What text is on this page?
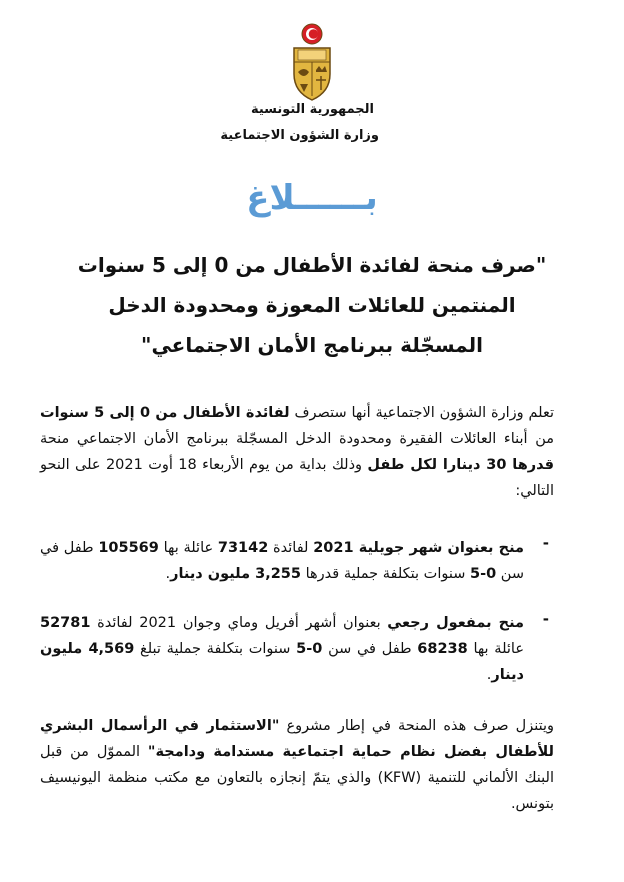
الجمهورية التونسية
وزارة الشؤون الاجتماعية
بــــــلاغ
"صرف منحة لفائدة الأطفال من 0 إلى 5 سنوات
المنتمين للعائلات المعوزة ومحدودة الدخل
المسجّلة ببرنامج الأمان الاجتماعي"
تعلم وزارة الشؤون الاجتماعية أنها ستصرف لفائدة الأطفال من 0 إلى 5 سنوات من أبناء العائلات الفقيرة ومحدودة الدخل المسجّلة ببرنامج الأمان الاجتماعي منحة قدرها 30 دينارا لكل طفل وذلك بداية من يوم الأربعاء 18 أوت 2021 على النحو التالي:
-
منح بعنوان شهر جويلية 2021 لفائدة 73142 عائلة بها 105569 طفل في سن 0-5 سنوات بتكلفة جملية قدرها 3,255 مليون دينار.
-
منح بمفعول رجعي بعنوان أشهر أفريل وماي وجوان 2021 لفائدة 52781 عائلة بها 68238 طفل في سن 0-5 سنوات بتكلفة جملية تبلغ 4,569 مليون دينار.
ويتنزل صرف هذه المنحة في إطار مشروع "الاستثمار في الرأسمال البشري للأطفال بفضل نظام حماية اجتماعية مستدامة ودامجة" المموّل من قبل البنك الألماني للتنمية (KFW) والذي يتمّ إنجازه بالتعاون مع مكتب منظمة اليونيسيف بتونس.
